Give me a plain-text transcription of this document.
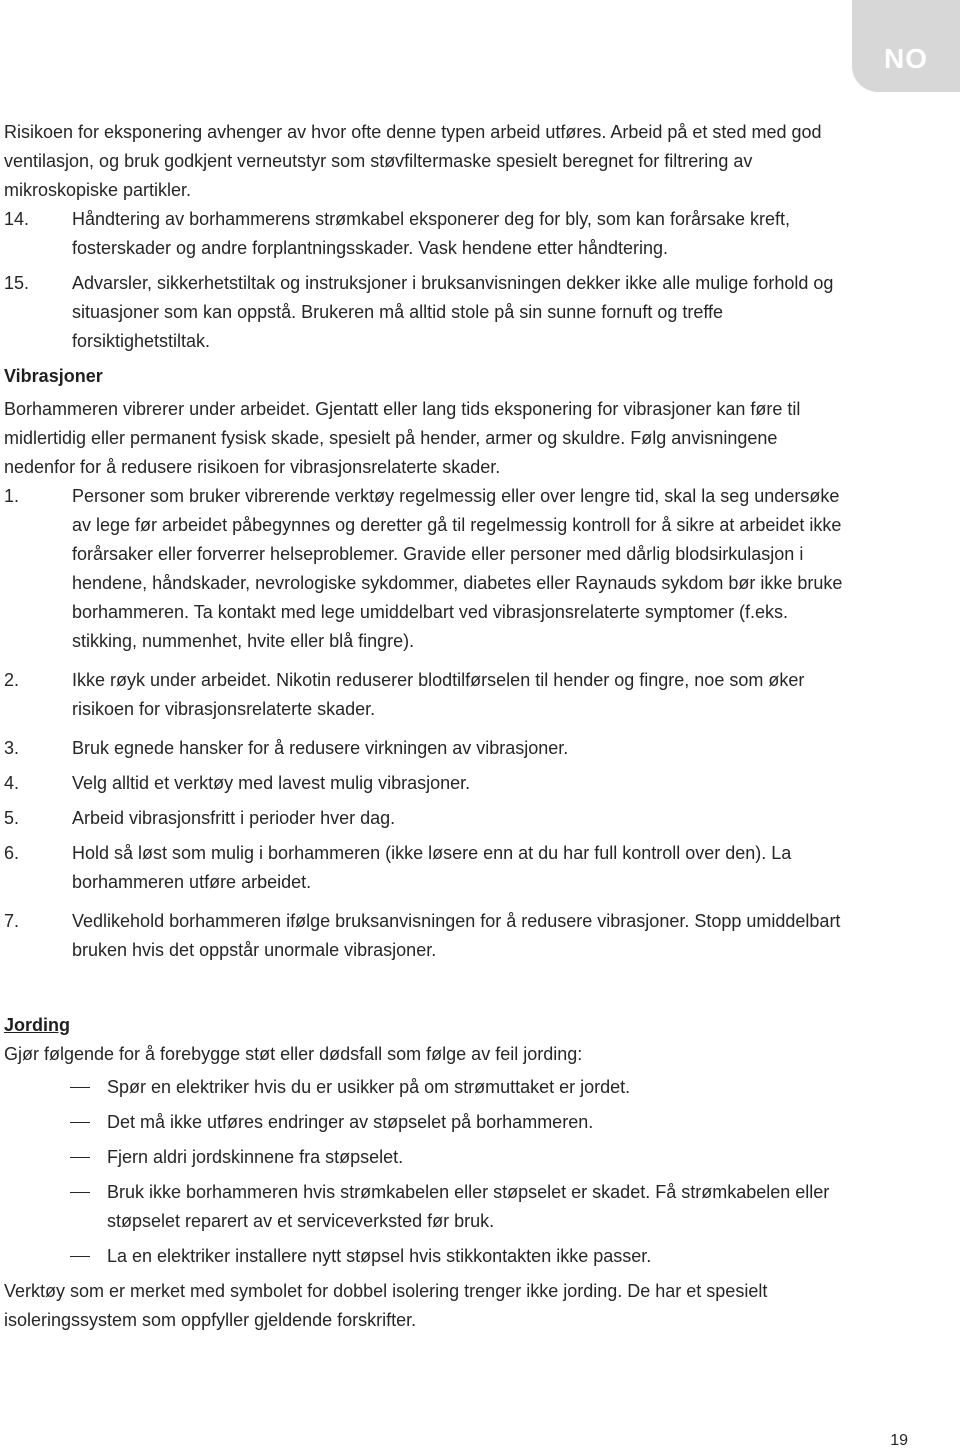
NO

Risikoen for eksponering avhenger av hvor ofte denne typen arbeid utføres. Arbeid på et sted med god ventilasjon, og bruk godkjent verneutstyr som støvfiltermaske spesielt beregnet for filtrering av mikroskopiske partikler.

14. Håndtering av borhammerens strømkabel eksponerer deg for bly, som kan forårsake kreft, fosterskader og andre forplantningsskader. Vask hendene etter håndtering.
15. Advarsler, sikkerhetstiltak og instruksjoner i bruksanvisningen dekker ikke alle mulige forhold og situasjoner som kan oppstå. Brukeren må alltid stole på sin sunne fornuft og treffe forsiktighetstiltak.
Vibrasjoner

Borhammeren vibrerer under arbeidet. Gjentatt eller lang tids eksponering for vibrasjoner kan føre til midlertidig eller permanent fysisk skade, spesielt på hender, armer og skuldre. Følg anvisningene nedenfor for å redusere risikoen for vibrasjonsrelaterte skader.

1.	Personer som bruker vibrerende verktøy regelmessig eller over lengre tid, skal la seg undersøke av lege før arbeidet påbegynnes og deretter gå til regelmessig kontroll for å sikre at arbeidet ikke forårsaker eller forverrer helseproblemer. Gravide eller personer med dårlig blodsirkulasjon i hendene, håndskader, nevrologiske sykdommer, diabetes eller Raynauds sykdom bør ikke bruke borhammeren. Ta kontakt med lege umiddelbart ved vibrasjonsrelaterte symptomer (f.eks. stikking, nummenhet, hvite eller blå fingre).
2.	Ikke røyk under arbeidet. Nikotin reduserer blodtilførselen til hender og fingre, noe som øker risikoen for vibrasjonsrelaterte skader.
3.	Bruk egnede hansker for å redusere virkningen av vibrasjoner.
4.	Velg alltid et verktøy med lavest mulig vibrasjoner.
5.	Arbeid vibrasjonsfritt i perioder hver dag.
6.	Hold så løst som mulig i borhammeren (ikke løsere enn at du har full kontroll over den). La borhammeren utføre arbeidet.
7.	Vedlikehold borhammeren ifølge bruksanvisningen for å redusere vibrasjoner. Stopp umiddelbart bruken hvis det oppstår unormale vibrasjoner.
Jording

Gjør følgende for å forebygge støt eller dødsfall som følge av feil jording:

Spør en elektriker hvis du er usikker på om strømuttaket er jordet.
Det må ikke utføres endringer av støpselet på borhammeren.
Fjern aldri jordskinnene fra støpselet.
Bruk ikke borhammeren hvis strømkabelen eller støpselet er skadet. Få strømkabelen eller støpselet reparert av et serviceverksted før bruk.
La en elektriker installere nytt støpsel hvis stikkontakten ikke passer.

Verktøy som er merket med symbolet for dobbel isolering trenger ikke jording. De har et spesielt isoleringssystem som oppfyller gjeldende forskrifter.

19
